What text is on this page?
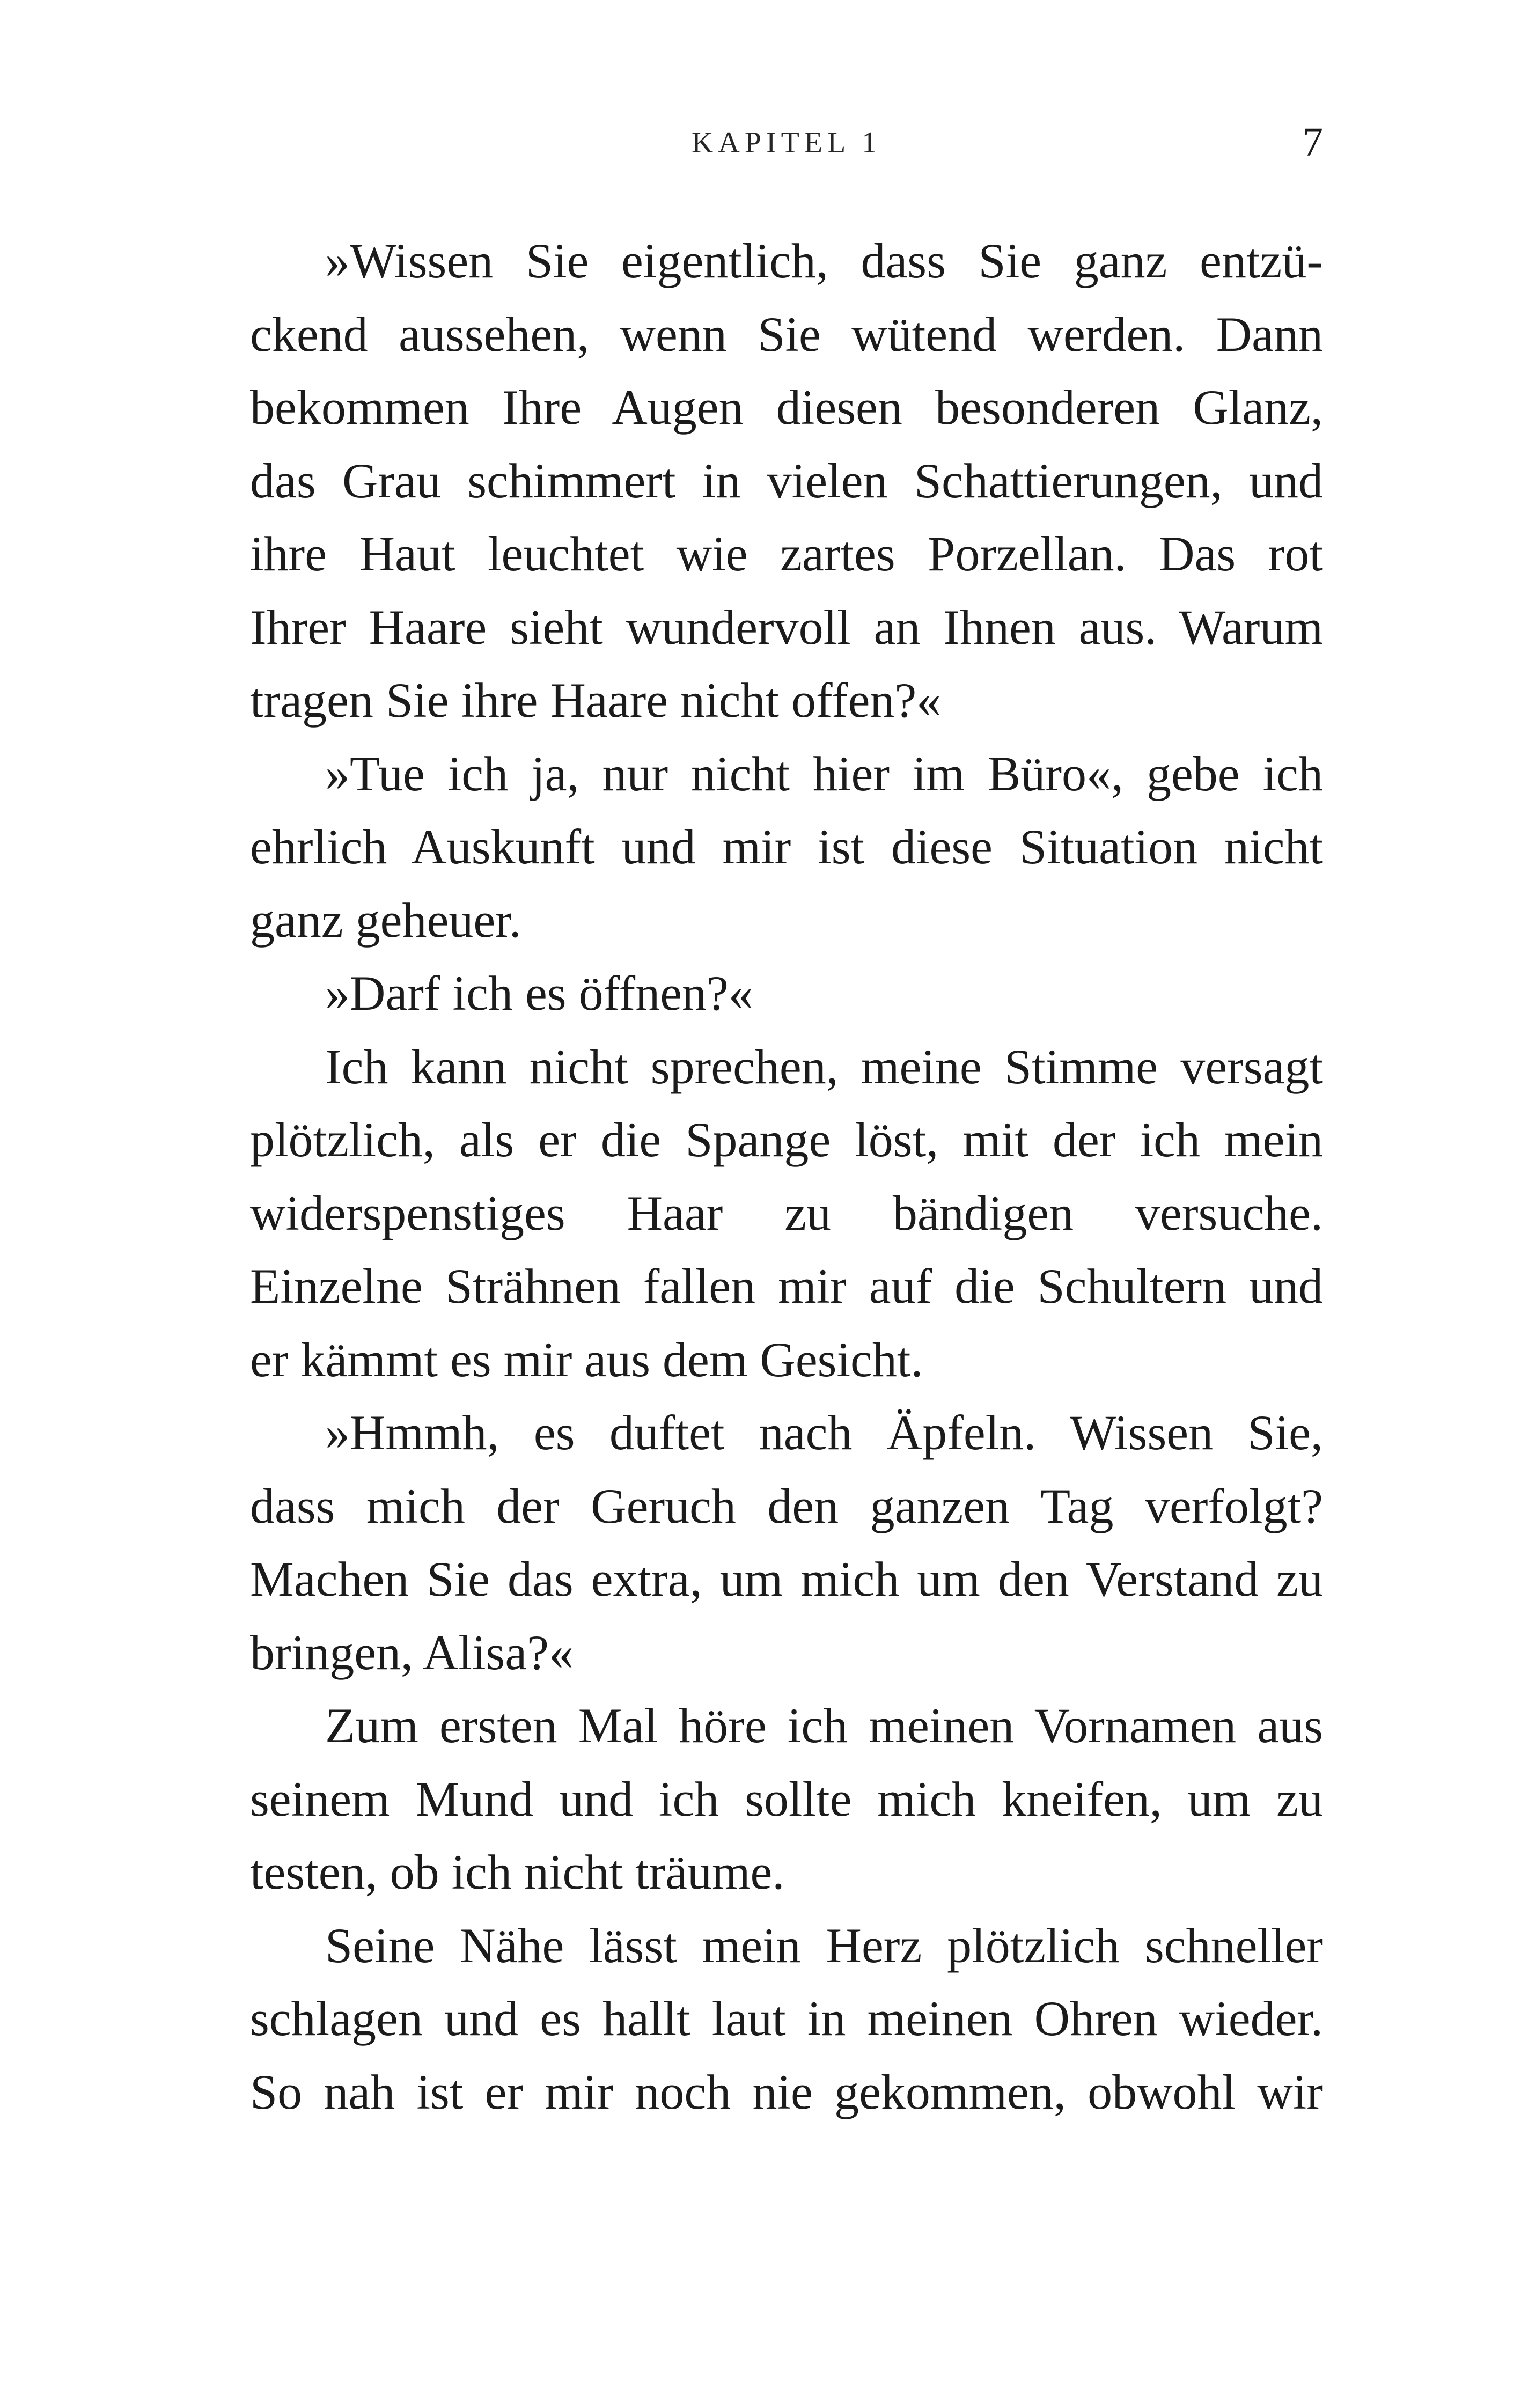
KAPITEL 1	7
»Wissen Sie eigentlich, dass Sie ganz entzü-
ckend aussehen, wenn Sie wütend werden. Dann
bekommen Ihre Augen diesen besonderen Glanz,
das Grau schimmert in vielen Schattierungen, und
ihre Haut leuchtet wie zartes Porzellan. Das rot
Ihrer Haare sieht wundervoll an Ihnen aus. Warum
tragen Sie ihre Haare nicht offen?«
»Tue ich ja, nur nicht hier im Büro«, gebe ich
ehrlich Auskunft und mir ist diese Situation nicht
ganz geheuer.
»Darf ich es öffnen?«
Ich kann nicht sprechen, meine Stimme versagt
plötzlich, als er die Spange löst, mit der ich mein
widerspenstiges Haar zu bändigen versuche.
Einzelne Strähnen fallen mir auf die Schultern und
er kämmt es mir aus dem Gesicht.
»Hmmh, es duftet nach Äpfeln. Wissen Sie,
dass mich der Geruch den ganzen Tag verfolgt?
Machen Sie das extra, um mich um den Verstand zu
bringen, Alisa?«
Zum ersten Mal höre ich meinen Vornamen aus
seinem Mund und ich sollte mich kneifen, um zu
testen, ob ich nicht träume.
Seine Nähe lässt mein Herz plötzlich schneller
schlagen und es hallt laut in meinen Ohren wieder.
So nah ist er mir noch nie gekommen, obwohl wir
